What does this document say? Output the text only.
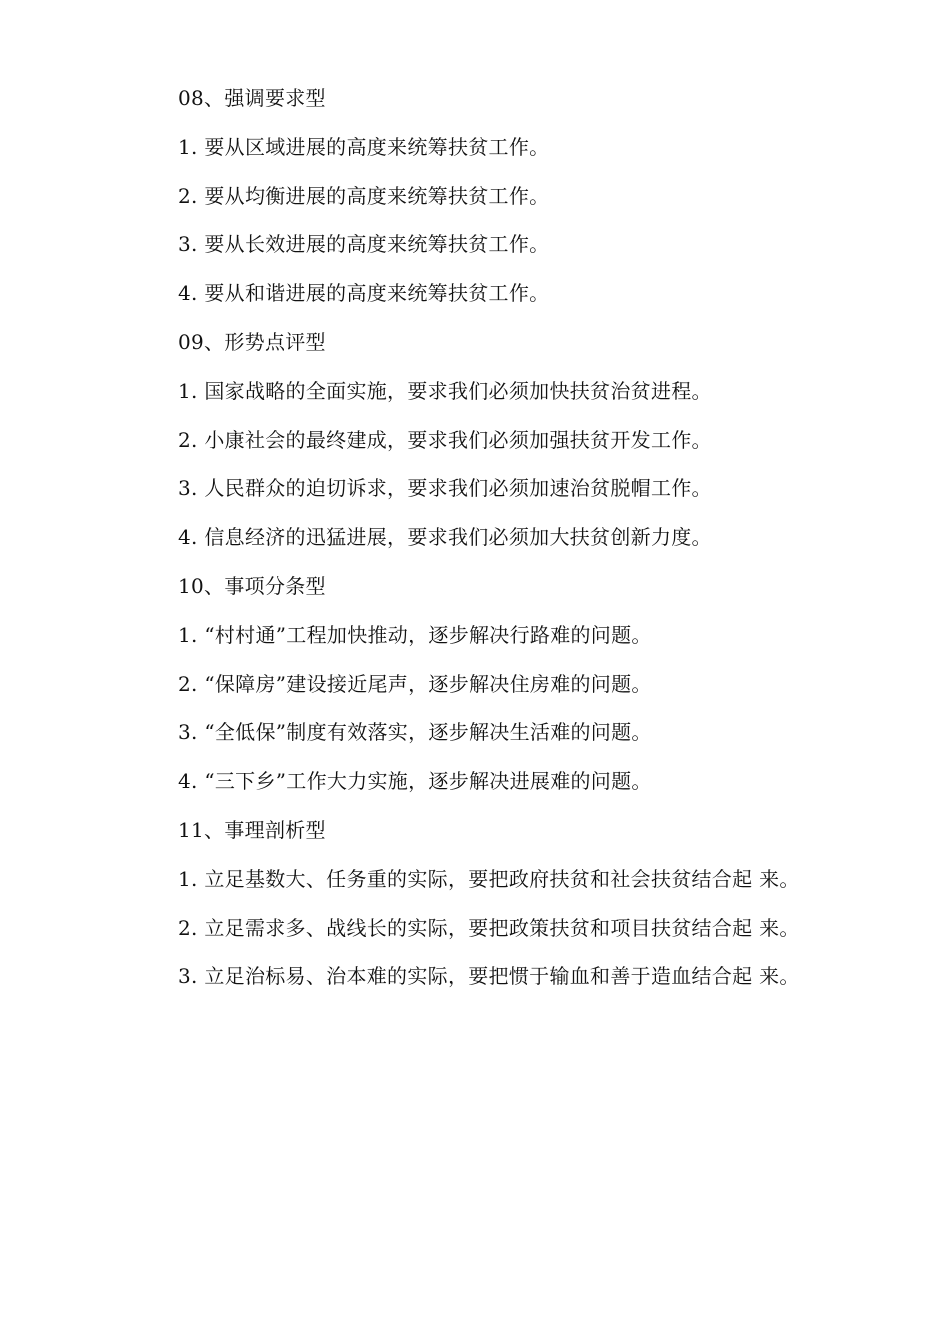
08、强调要求型
1. 要从区域进展的高度来统筹扶贫工作。
2. 要从均衡进展的高度来统筹扶贫工作。
3. 要从长效进展的高度来统筹扶贫工作。
4. 要从和谐进展的高度来统筹扶贫工作。
09、形势点评型
1. 国家战略的全面实施，要求我们必须加快扶贫治贫进程。
2. 小康社会的最终建成，要求我们必须加强扶贫开发工作。
3. 人民群众的迫切诉求，要求我们必须加速治贫脱帽工作。
4. 信息经济的迅猛进展，要求我们必须加大扶贫创新力度。
10、事项分条型
1. “村村通”工程加快推动，逐步解决行路难的问题。
2. “保障房”建设接近尾声，逐步解决住房难的问题。
3. “全低保”制度有效落实，逐步解决生活难的问题。
4. “三下乡”工作大力实施，逐步解决进展难的问题。
11、事理剖析型
1. 立足基数大、任务重的实际，要把政府扶贫和社会扶贫结合起 来。
2. 立足需求多、战线长的实际，要把政策扶贫和项目扶贫结合起 来。
3. 立足治标易、治本难的实际，要把惯于输血和善于造血结合起 来。
